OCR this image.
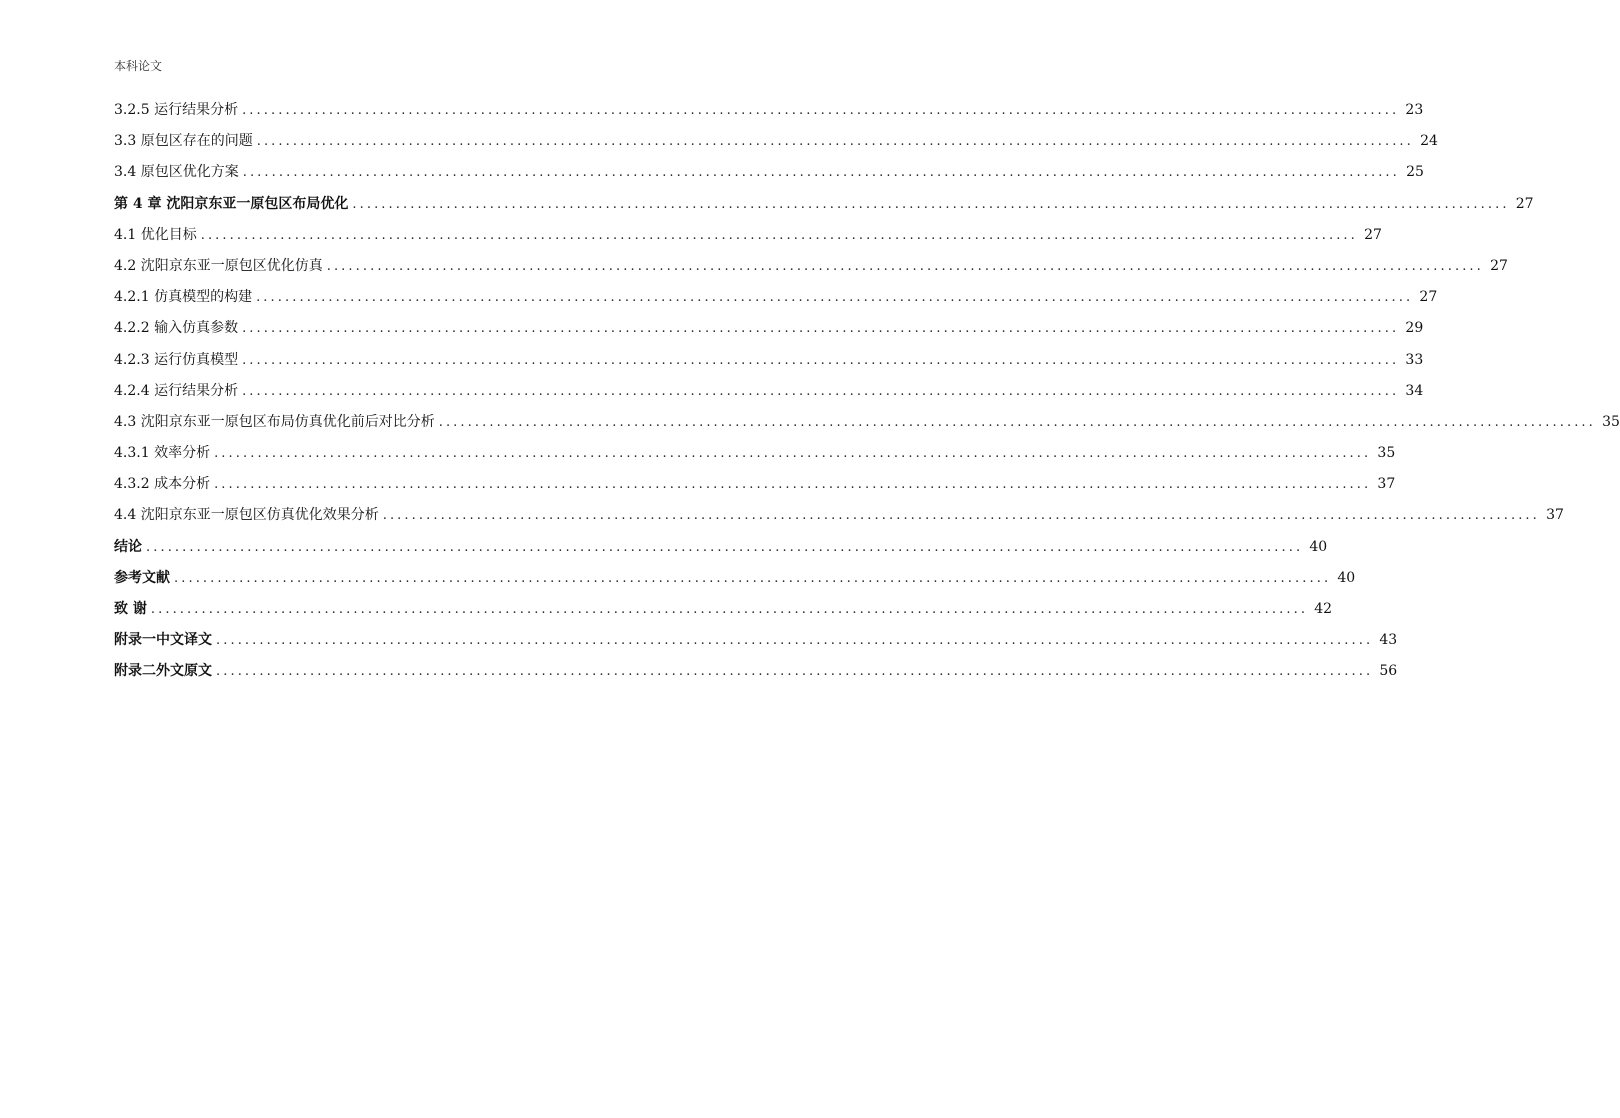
本科论文
3.2.5 运行结果分析 ................................................................................................................................................................ 23
3.3 原包区存在的问题 ................................................................................................................................................................ 24
3.4 原包区优化方案 ................................................................................................................................................................ 25
第 4 章 沈阳京东亚一原包区布局优化 ................................................................................................................................................................ 27
4.1 优化目标 ................................................................................................................................................................ 27
4.2 沈阳京东亚一原包区优化仿真 ................................................................................................................................................................ 27
4.2.1 仿真模型的构建 ................................................................................................................................................................ 27
4.2.2 输入仿真参数 ................................................................................................................................................................ 29
4.2.3 运行仿真模型 ................................................................................................................................................................ 33
4.2.4 运行结果分析 ................................................................................................................................................................ 34
4.3 沈阳京东亚一原包区布局仿真优化前后对比分析 ................................................................................................................................................................ 35
4.3.1 效率分析 ................................................................................................................................................................ 35
4.3.2 成本分析 ................................................................................................................................................................ 37
4.4 沈阳京东亚一原包区仿真优化效果分析 ................................................................................................................................................................ 37
结论 ................................................................................................................................................................ 40
参考文献 ................................................................................................................................................................ 40
致 谢 ................................................................................................................................................................ 42
附录一中文译文 ................................................................................................................................................................ 43
附录二外文原文 ................................................................................................................................................................ 56
